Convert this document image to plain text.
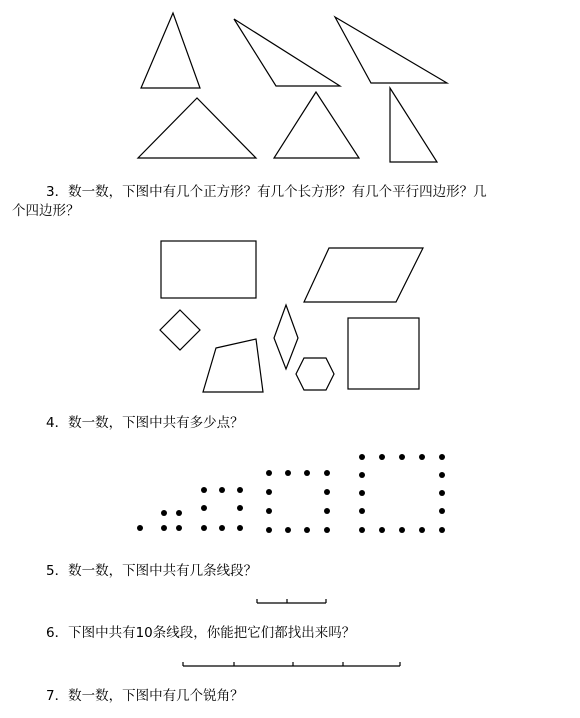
3．数一数，下图中有几个正方形？有几个长方形？有几个平行四边形？几
个四边形？
4．数一数，下图中共有多少点？
5．数一数，下图中共有几条线段？
6．下图中共有10条线段，你能把它们都找出来吗？
7．数一数，下图中有几个锐角？
